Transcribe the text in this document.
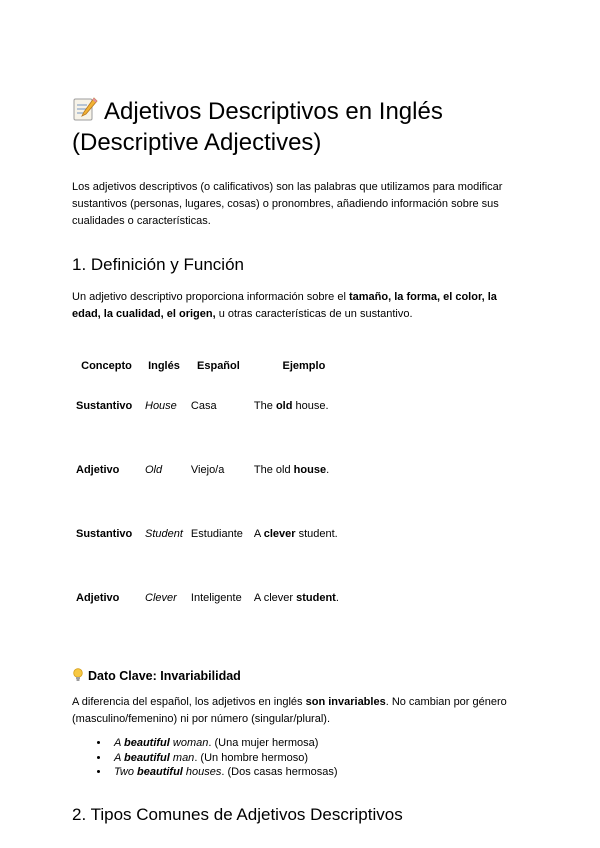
Adjetivos Descriptivos en Inglés
(Descriptive Adjectives)

Los adjetivos descriptivos (o calificativos) son las palabras que utilizamos para modificar sustantivos (personas, lugares, cosas) o pronombres, añadiendo información sobre sus cualidades o características.

1. Definición y Función

Un adjetivo descriptivo proporciona información sobre el tamaño, la forma, el color, la edad, la cualidad, el origen, u otras características de un sustantivo.

Concepto	Inglés	Español	Ejemplo
Sustantivo	House	Casa	The old house.
Adjetivo	Old	Viejo/a	The old house.
Sustantivo	Student	Estudiante	A clever student.
Adjetivo	Clever	Inteligente	A clever student.
Dato Clave: Invariabilidad

A diferencia del español, los adjetivos en inglés son invariables. No cambian por género (masculino/femenino) ni por número (singular/plural).

• A beautiful woman. (Una mujer hermosa)
• A beautiful man. (Un hombre hermoso)
• Two beautiful houses. (Dos casas hermosas)
2. Tipos Comunes de Adjetivos Descriptivos
